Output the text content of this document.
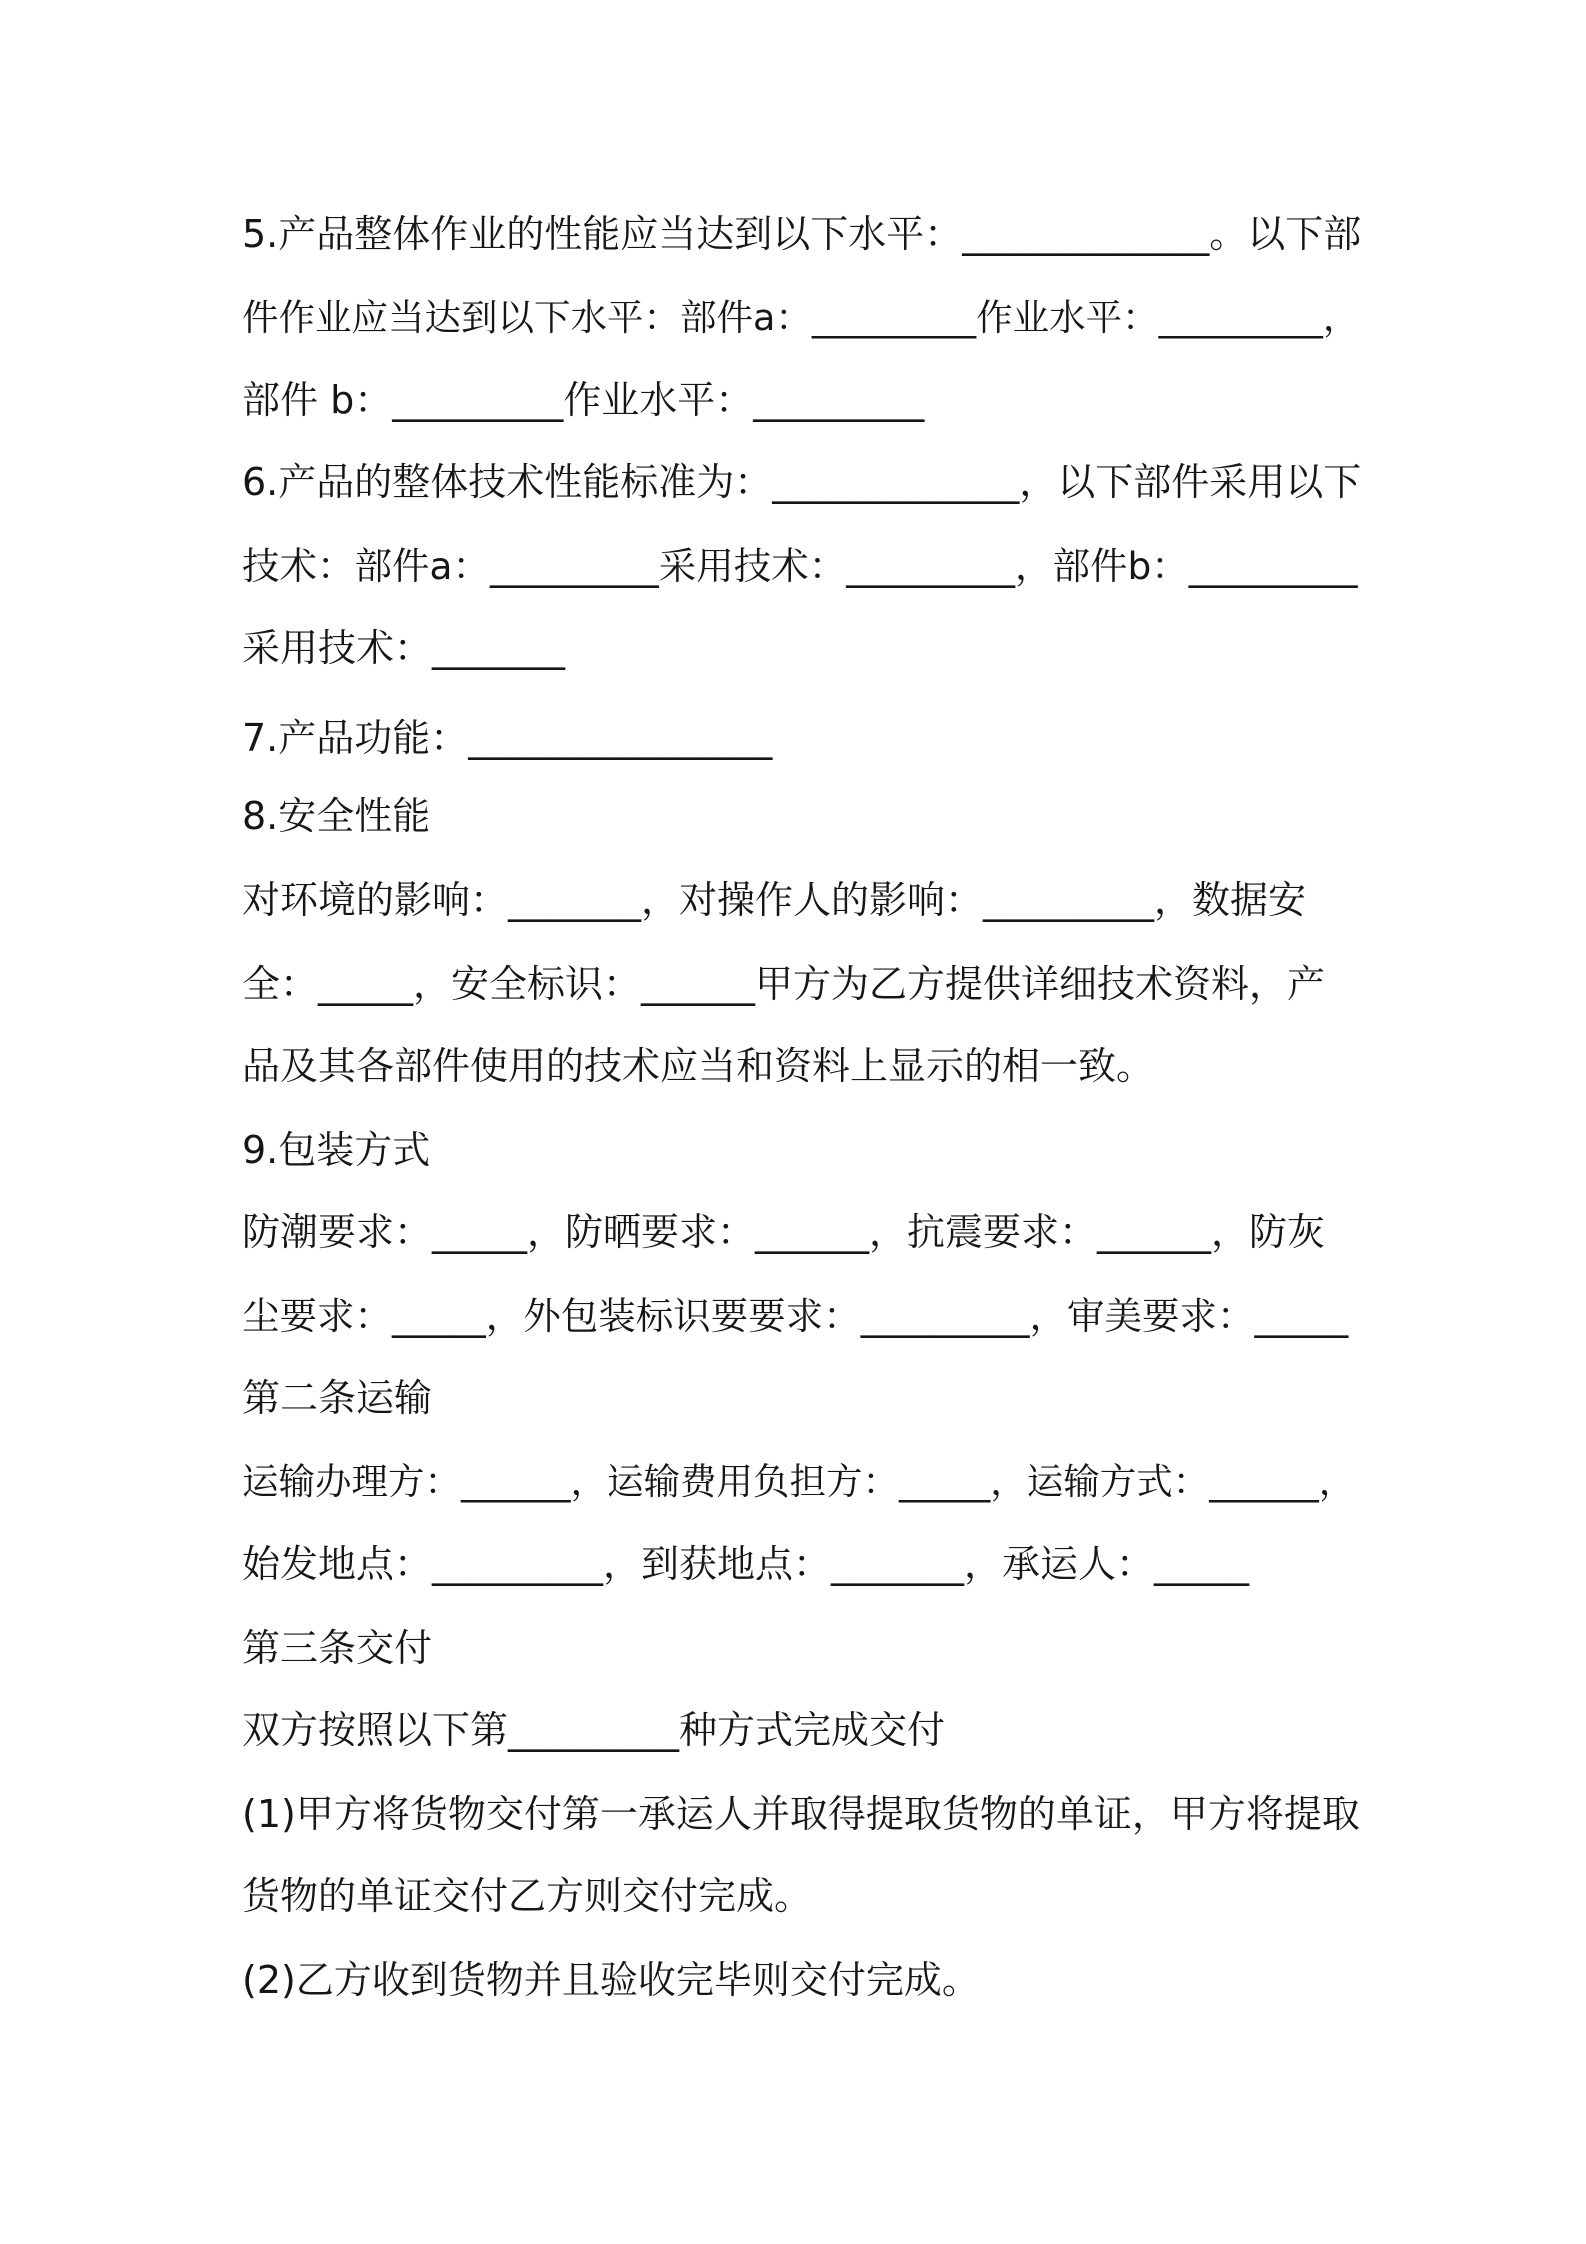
5.产品整体作业的性能应当达到以下水平：_____________。以下部
件作业应当达到以下水平：部件a：_________作业水平：_________，
部件 b：_________作业水平：_________
6.产品的整体技术性能标准为：_____________，以下部件采用以下
技术：部件a：_________采用技术：_________，部件b：_________
采用技术：_______
7.产品功能：________________
8.安全性能
对环境的影响：_______，对操作人的影响：_________，数据安
全：_____，安全标识：______甲方为乙方提供详细技术资料，产
品及其各部件使用的技术应当和资料上显示的相一致。
9.包装方式
防潮要求：_____，防晒要求：______，抗震要求：______，防灰
尘要求：_____，外包装标识要要求：_________，审美要求：_____
第二条运输
运输办理方：______，运输费用负担方：_____，运输方式：______，
始发地点：_________，到获地点：_______，承运人：_____
第三条交付
双方按照以下第_________种方式完成交付
(1)甲方将货物交付第一承运人并取得提取货物的单证，甲方将提取
货物的单证交付乙方则交付完成。
(2)乙方收到货物并且验收完毕则交付完成。
